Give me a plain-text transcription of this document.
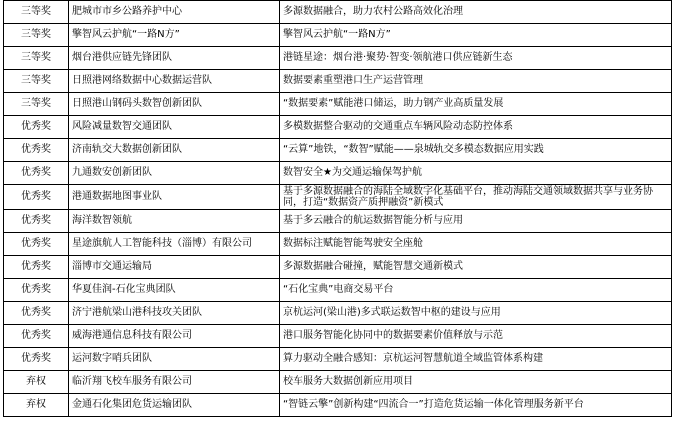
三等奖	肥城市市乡公路养护中心	多源数据融合，助力农村公路高效化治理
三等奖	擎智风云护航“一路N方”	擎智风云护航“一路N方”
三等奖	烟台港供应链先锋团队	港链星途：烟台港·聚势·智变·领航港口供应链新生态
三等奖	日照港网络数据中心数据运营队	数据要素重塑港口生产运营管理
三等奖	日照港山钢码头数智创新团队	“数据要素”赋能港口储运，助力钢产业高质量发展
优秀奖	风险减量数智交通团队	多模数据整合驱动的交通重点车辆风险动态防控体系
优秀奖	济南轨交大数据创新团队	“云算”地铁，“数智”赋能——泉城轨交多模态数据应用实践
优秀奖	九通数安创新团队	数智安全★为交通运输保驾护航
优秀奖	港通数据地图事业队	基于多源数据融合的海陆全域数字化基础平台，推动海陆交通领域数据共享与业务协同，打造“数据资产质押融资”新模式
优秀奖	海洋数智领航	基于多云融合的航运数据智能分析与应用
优秀奖	星途旗航人工智能科技（淄博）有限公司	数据标注赋能智能驾驶安全座舱
优秀奖	淄博市交通运输局	多源数据融合碰撞，赋能智慧交通新模式
优秀奖	华夏佳润-石化宝典团队	“石化宝典”电商交易平台
优秀奖	济宁港航梁山港科技攻关团队	京杭运河(梁山港)多式联运数智中枢的建设与应用
优秀奖	威海港通信息科技有限公司	港口服务智能化协同中的数据要素价值释放与示范
优秀奖	运河数字哨兵团队	算力驱动全融合感知：京杭运河智慧航道全域监管体系构建
弃权	临沂翔飞校车服务有限公司	校车服务大数据创新应用项目
弃权	金通石化集团危货运输团队	“智链云擎”创新构建“四流合一”打造危货运输一体化管理服务新平台
